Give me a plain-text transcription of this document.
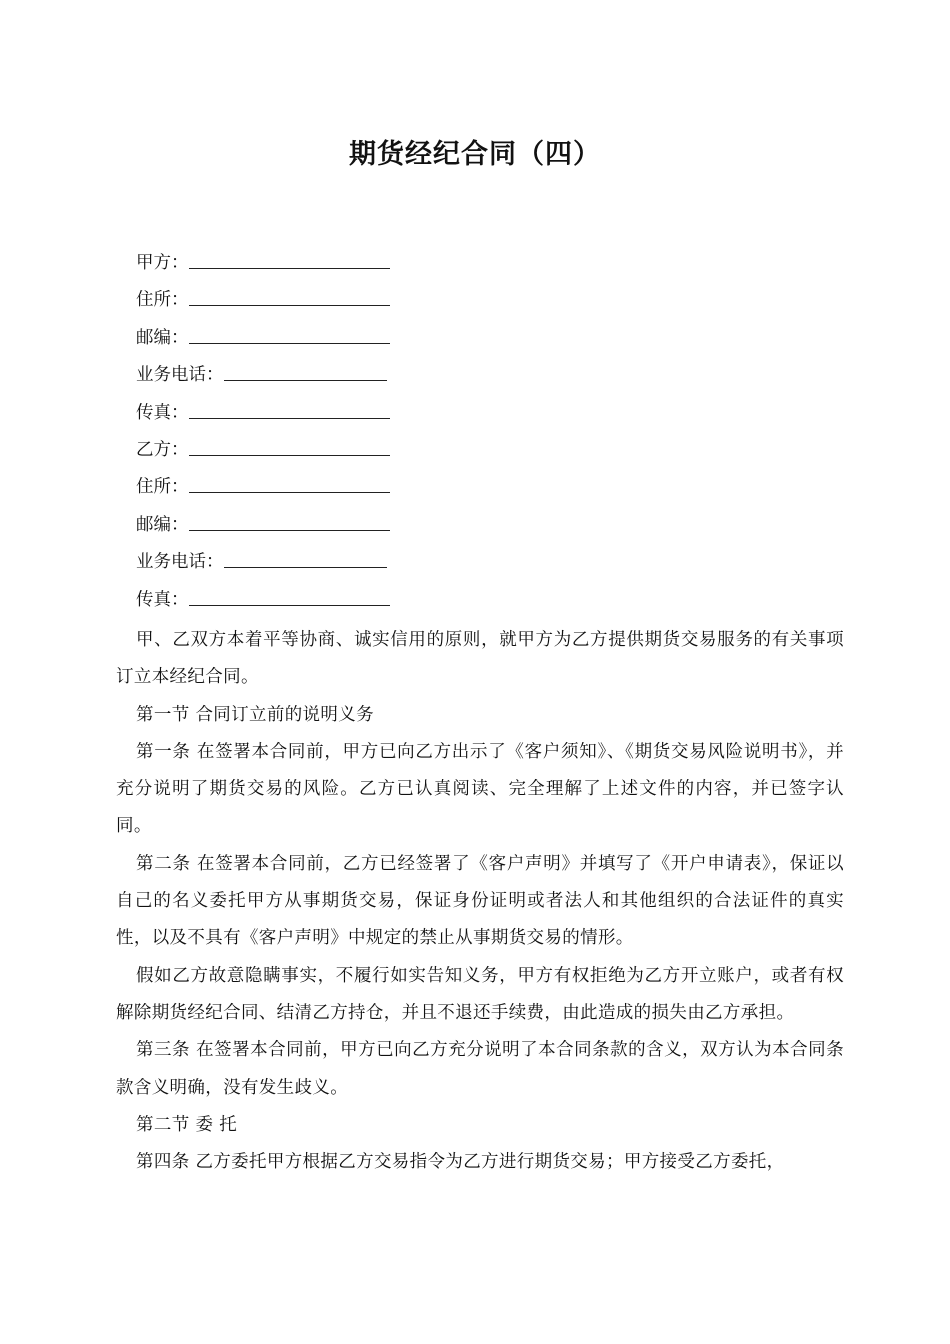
期货经纪合同（四）
甲方：
住所：
邮编：
业务电话：
传真：
乙方：
住所：
邮编：
业务电话：
传真：

甲、乙双方本着平等协商、诚实信用的原则，就甲方为乙方提供期货交易服务的有关事项订立本经纪合同。

第一节 合同订立前的说明义务

第一条 在签署本合同前，甲方已向乙方出示了《客户须知》、《期货交易风险说明书》，并充分说明了期货交易的风险。乙方已认真阅读、完全理解了上述文件的内容，并已签字认同。

第二条 在签署本合同前，乙方已经签署了《客户声明》并填写了《开户申请表》，保证以自己的名义委托甲方从事期货交易，保证身份证明或者法人和其他组织的合法证件的真实性，以及不具有《客户声明》中规定的禁止从事期货交易的情形。

假如乙方故意隐瞒事实，不履行如实告知义务，甲方有权拒绝为乙方开立账户，或者有权解除期货经纪合同、结清乙方持仓，并且不退还手续费，由此造成的损失由乙方承担。

第三条 在签署本合同前，甲方已向乙方充分说明了本合同条款的含义，双方认为本合同条款含义明确，没有发生歧义。

第二节 委 托

第四条 乙方委托甲方根据乙方交易指令为乙方进行期货交易；甲方接受乙方委托，
